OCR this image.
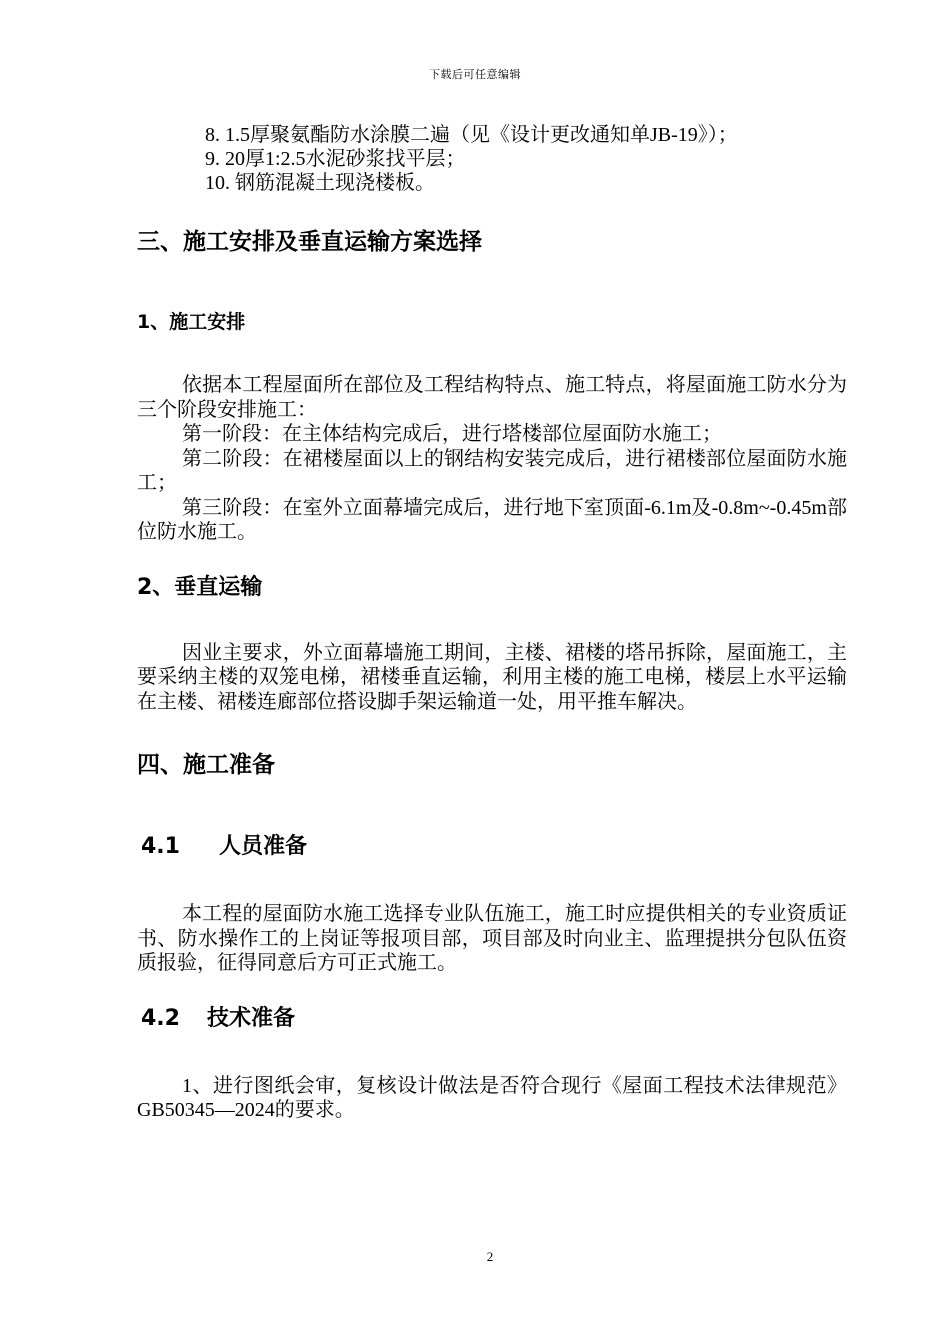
下载后可任意编辑
8. 1.5厚聚氨酯防水涂膜二遍（见《设计更改通知单JB-19》）；
9. 20厚1:2.5水泥砂浆找平层；
10. 钢筋混凝土现浇楼板。
三、施工安排及垂直运输方案选择
1、施工安排

依据本工程屋面所在部位及工程结构特点、施工特点，将屋面施工防水分为三个阶段安排施工：

第一阶段：在主体结构完成后，进行塔楼部位屋面防水施工；

第二阶段：在裙楼屋面以上的钢结构安装完成后，进行裙楼部位屋面防水施工；

第三阶段：在室外立面幕墙完成后，进行地下室顶面-6.1m及-0.8m~-0.45m部位防水施工。

2、垂直运输

因业主要求，外立面幕墙施工期间，主楼、裙楼的塔吊拆除，屋面施工，主要采纳主楼的双笼电梯，裙楼垂直运输，利用主楼的施工电梯，楼层上水平运输在主楼、裙楼连廊部位搭设脚手架运输道一处，用平推车解决。

四、施工准备
4.1 人员准备

本工程的屋面防水施工选择专业队伍施工，施工时应提供相关的专业资质证书、防水操作工的上岗证等报项目部，项目部及时向业主、监理提拱分包队伍资质报验，征得同意后方可正式施工。

4.2 技术准备

1、进行图纸会审，复核设计做法是否符合现行《屋面工程技术法律规范》GB50345—2024的要求。

2
